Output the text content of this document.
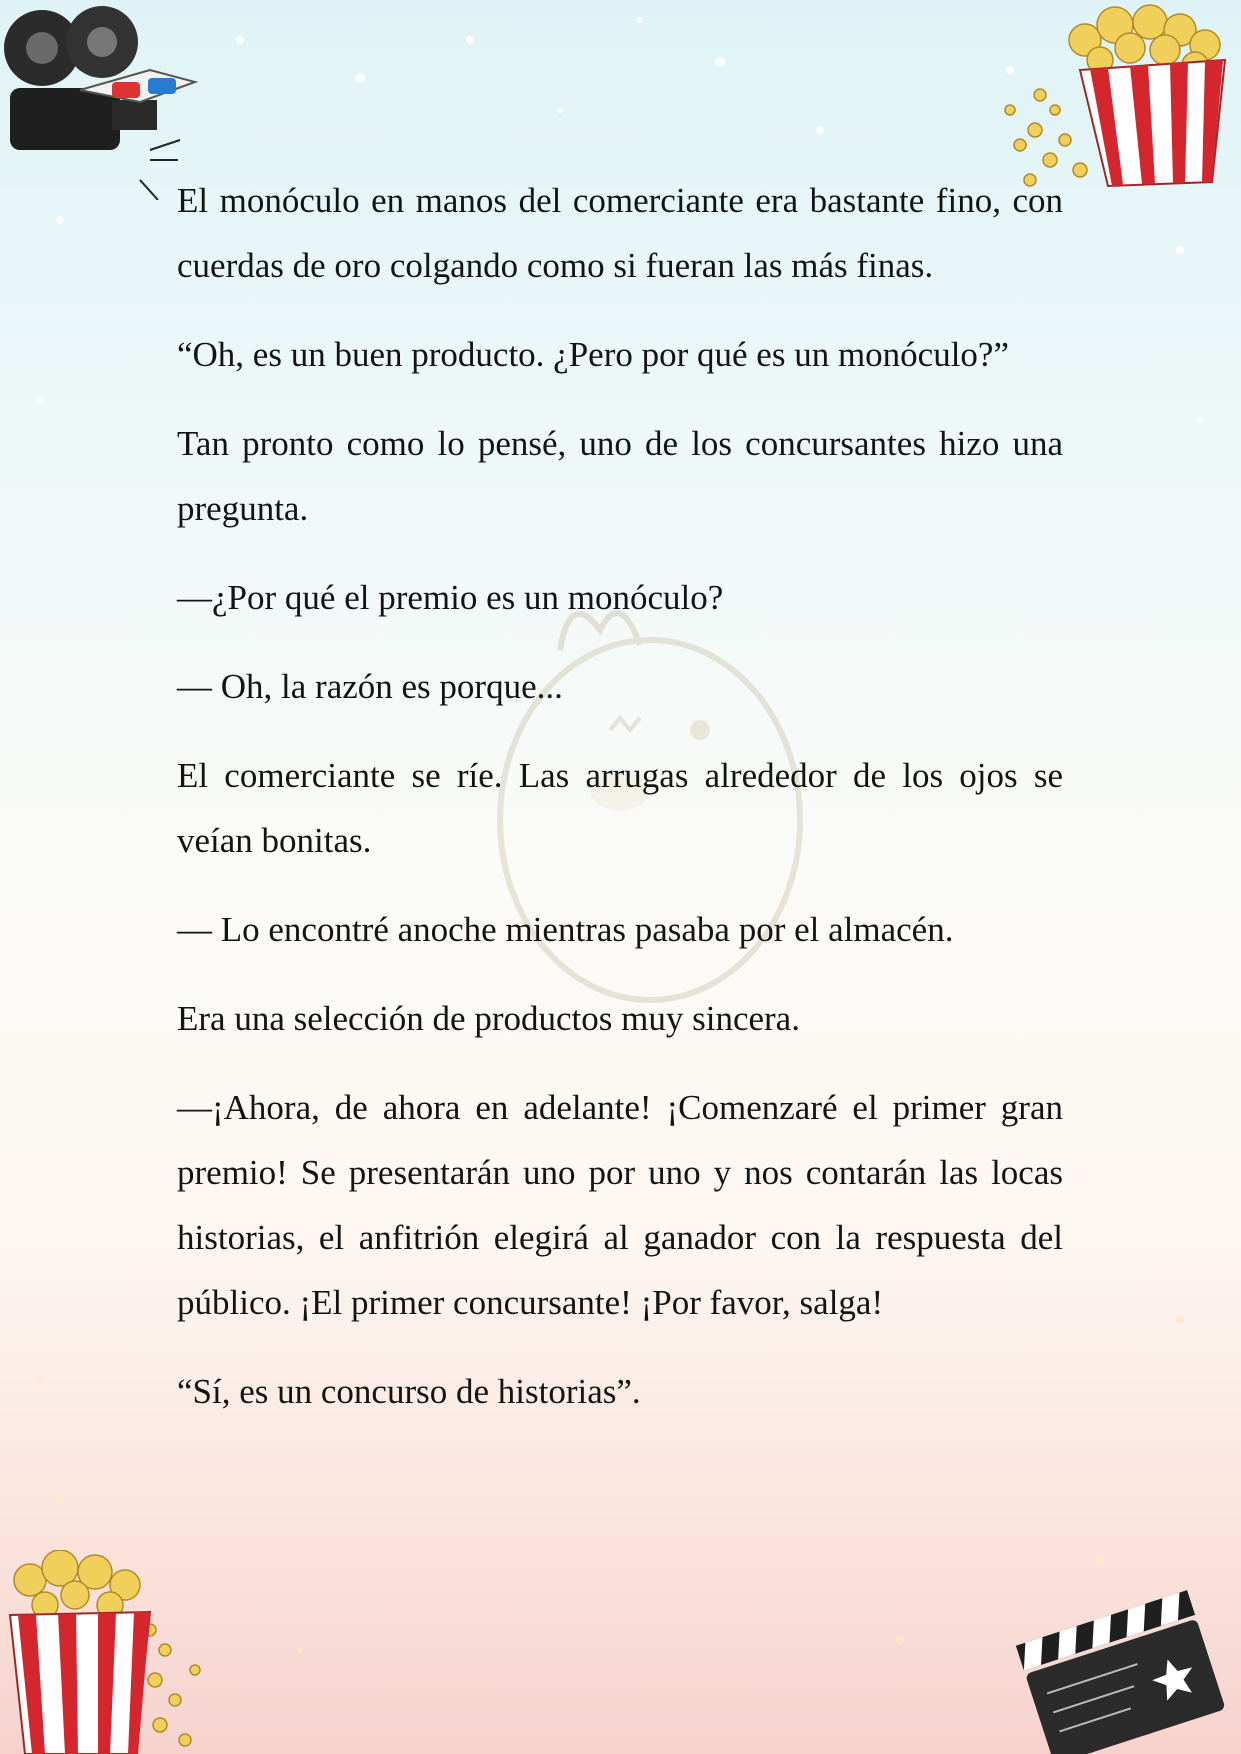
El monóculo en manos del comerciante era bastante fino, con cuerdas de oro colgando como si fueran las más finas.

“Oh, es un buen producto. ¿Pero por qué es un monóculo?”

Tan pronto como lo pensé, uno de los concursantes hizo una pregunta.

—¿Por qué el premio es un monóculo?

— Oh, la razón es porque...

El comerciante se ríe. Las arrugas alrededor de los ojos se veían bonitas.

— Lo encontré anoche mientras pasaba por el almacén.

Era una selección de productos muy sincera.

—¡Ahora, de ahora en adelante! ¡Comenzaré el primer gran premio! Se presentarán uno por uno y nos contarán las locas historias, el anfitrión elegirá al ganador con la respuesta del público. ¡El primer concursante! ¡Por favor, salga!

“Sí, es un concurso de historias”.
